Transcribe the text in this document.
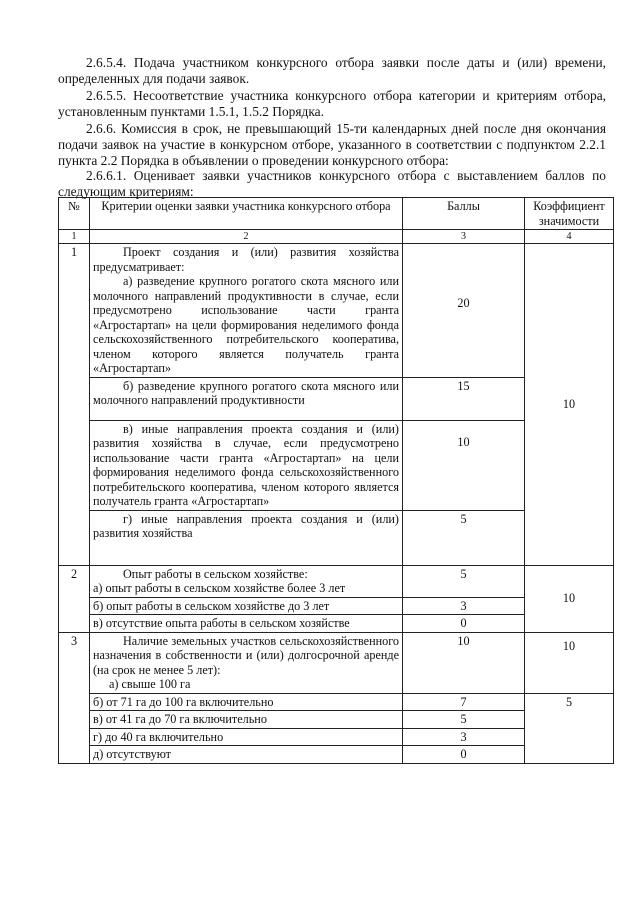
2.6.5.4. Подача участником конкурсного отбора заявки после даты и (или) времени, определенных для подачи заявок.

2.6.5.5. Несоответствие участника конкурсного отбора категории и критериям отбора, установленным пунктами 1.5.1, 1.5.2 Порядка.

2.6.6. Комиссия в срок, не превышающий 15-ти календарных дней после дня окончания подачи заявок на участие в конкурсном отборе, указанного в соответствии с подпунктом 2.2.1 пункта 2.2 Порядка в объявлении о проведении конкурсного отбора:

2.6.6.1. Оценивает заявки участников конкурсного отбора с выставлением баллов по следующим критериям:

№	Критерии оценки заявки участника конкурсного отбора	Баллы	Коэффициент значимости
1	2	3	4
1	Проект создания и (или) развития хозяйства предусматривает:
а) разведение крупного рогатого скота мясного или молочного направлений продуктивности в случае, если предусмотрено использование части гранта «Агростартап» на цели формирования неделимого фонда сельскохозяйственного потребительского кооператива, членом которого является получатель гранта «Агростартап»	20	10

	б) разведение крупного рогатого скота мясного или молочного направлений продуктивности	15	

	в) иные направления проекта создания и (или) развития хозяйства в случае, если предусмотрено использование части гранта «Агростартап» на цели формирования неделимого фонда сельскохозяйственного потребительского кооператива, членом которого является получатель гранта «Агростартап»	10	

	г) иные направления проекта создания и (или) развития хозяйства	5	
2	Опыт работы в сельском хозяйстве:
а) опыт работы в сельском хозяйстве более 3 лет	5	10
	б) опыт работы в сельском хозяйстве до 3 лет	3	
	в) отсутствие опыта работы в сельском хозяйстве	0	
3	Наличие земельных участков сельскохозяйственного назначения в собственности и (или) долгосрочной аренде (на срок не менее 5 лет):
а) свыше 100 га	10	10
	б) от 71 га до 100 га включительно	7	5
	в) от 41 га до 70 га включительно	5	
	г) до 40 га включительно	3	
	д) отсутствуют	0	
